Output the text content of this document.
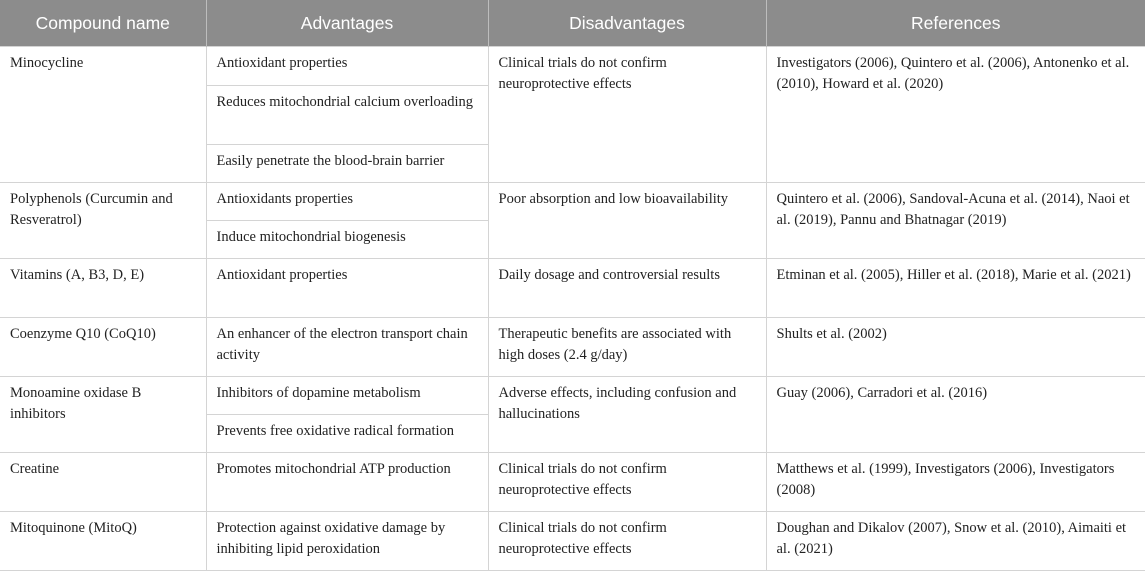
Compound name	Advantages	Disadvantages	References
Minocycline	Antioxidant properties	Clinical trials do not confirm neuroprotective effects	Investigators (2006), Quintero et al. (2006), Antonenko et al. (2010), Howard et al. (2020)
	Reduces mitochondrial calcium overloading		
	Easily penetrate the blood-brain barrier		
Polyphenols (Curcumin and Resveratrol)	Antioxidants properties	Poor absorption and low bioavailability	Quintero et al. (2006), Sandoval-Acuna et al. (2014), Naoi et al. (2019), Pannu and Bhatnagar (2019)
	Induce mitochondrial biogenesis		
Vitamins (A, B3, D, E)	Antioxidant properties	Daily dosage and controversial results	Etminan et al. (2005), Hiller et al. (2018), Marie et al. (2021)
Coenzyme Q10 (CoQ10)	An enhancer of the electron transport chain activity	Therapeutic benefits are associated with high doses (2.4 g/day)	Shults et al. (2002)
Monoamine oxidase B inhibitors	Inhibitors of dopamine metabolism	Adverse effects, including confusion and hallucinations	Guay (2006), Carradori et al. (2016)
	Prevents free oxidative radical formation		
Creatine	Promotes mitochondrial ATP production	Clinical trials do not confirm neuroprotective effects	Matthews et al. (1999), Investigators (2006), Investigators (2008)
Mitoquinone (MitoQ)	Protection against oxidative damage by inhibiting lipid peroxidation	Clinical trials do not confirm neuroprotective effects	Doughan and Dikalov (2007), Snow et al. (2010), Aimaiti et al. (2021)
